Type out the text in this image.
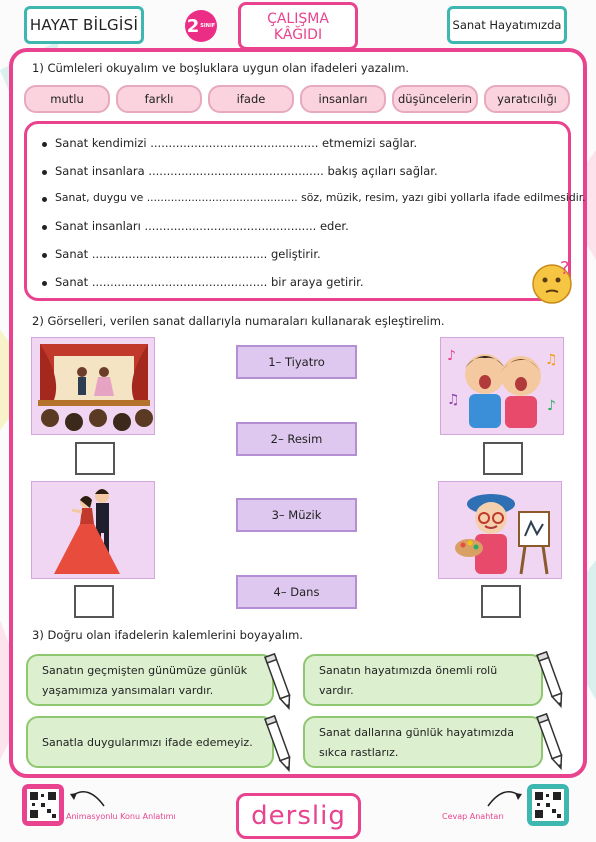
HAYAT BİLGİSİ	2 SINIF	ÇALIŞMA
KÂĞIDI
Sanat Hayatımızda
1) Cümleleri okuyalım ve boşluklara uygun olan ifadeleri yazalım.
mutlu	farklı	ifade	insanları	düşüncelerin	yaratıcılığı
Sanat kendimizi .............................................. etmemizi sağlar.
Sanat insanlara ................................................ bakış açıları sağlar.
Sanat, duygu ve ............................................ söz, müzik, resim, yazı gibi yollarla ifade edilmesidir.
Sanat insanları ............................................... eder.
Sanat ................................................ geliştirir.
Sanat ................................................ bir araya getirir.
?
2) Görselleri, verilen sanat dallarıyla numaraları kullanarak eşleştirelim.
♪	♫
♪
♫
1– Tiyatro
2– Resim
3– Müzik
4– Dans
3) Doğru olan ifadelerin kalemlerini boyayalım.
Sanatın geçmişten günümüze günlük
yaşamımıza yansımaları vardır.
Sanatın hayatımızda önemli rolü
vardır.
Sanatla duygularımızı ifade edemeyiz.
Sanat dallarına günlük hayatımızda
sıkca rastlarız.
Animasyonlu Konu Anlatımı	derslig	Cevap Anahtarı
